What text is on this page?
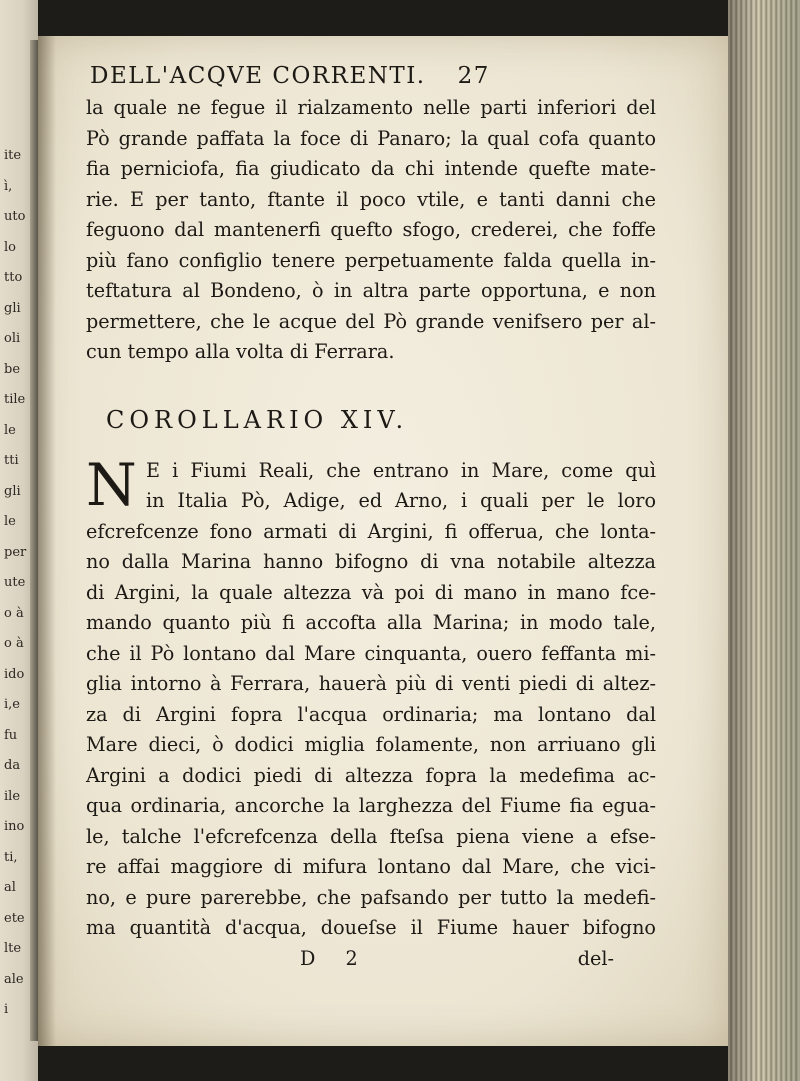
ite
ì,
uto
lo
tto
gli
oli
be
tile
le
tti
gli
le
per
ute
o à
o à
ido
i,e
fu
da
ile
ino
ti,
al
ete
lte
ale
i
DELL'ACQVE CORRENTI. 27
la quale ne fegue il rialzamento nelle parti inferiori del
Pò grande paffata la foce di Panaro; la qual cofa quanto
fia perniciofa, fia giudicato da chi intende quefte mate-
rie. E per tanto, ftante il poco vtile, e tanti danni che
feguono dal mantenerfi quefto sfogo, crederei, che foffe
più fano configlio tenere perpetuamente falda quella in-
teftatura al Bondeno, ò in altra parte opportuna, e non
permettere, che le acque del Pò grande venifsero per al-
cun tempo alla volta di Ferrara.
COROLLARIO XIV.
N E i Fiumi Reali, che entrano in Mare, come quì
in Italia Pò, Adige, ed Arno, i quali per le loro
efcrefcenze fono armati di Argini, fi offerua, che lonta-
no dalla Marina hanno bifogno di vna notabile altezza
di Argini, la quale altezza và poi di mano in mano fce-
mando quanto più fi accofta alla Marina; in modo tale,
che il Pò lontano dal Mare cinquanta, ouero feffanta mi-
glia intorno à Ferrara, hauerà più di venti piedi di altez-
za di Argini fopra l'acqua ordinaria; ma lontano dal
Mare dieci, ò dodici miglia folamente, non arriuano gli
Argini a dodici piedi di altezza fopra la medefima ac-
qua ordinaria, ancorche la larghezza del Fiume fia egua-
le, talche l'efcrefcenza della fteſsa piena viene a efse-
re affai maggiore di mifura lontano dal Mare, che vici-
no, e pure parerebbe, che pafsando per tutto la medefi-
ma quantità d'acqua, doueſse il Fiume hauer bifogno
D 2	del-
